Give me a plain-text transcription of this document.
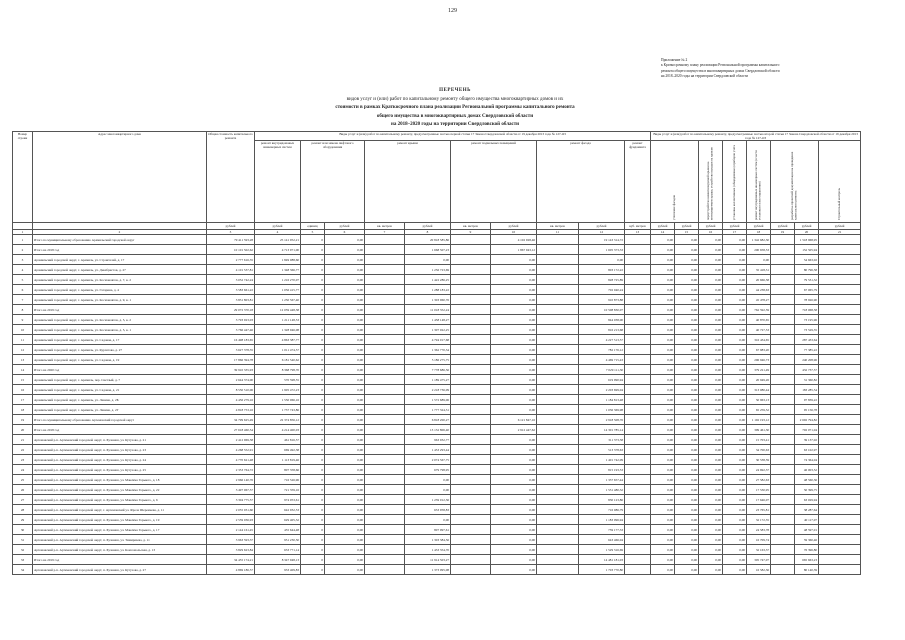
129
Приложение № 2
к Краткосрочному плану реализации Региональной программы капитального
ремонта общего имущества в многоквартирных домах Свердловской области
на 2018–2020 годы на территории Свердловской области
ПЕРЕЧЕНЬ
видов услуг и (или) работ по капитальному ремонту общего имущества многоквартирных домов и их
стоимости в рамках Краткосрочного плана реализации Региональной программы капитального ремонта
общего имущества в многоквартирных домах Свердловской области
на 2018–2020 годы на территории Свердловской области
Номер строки	Адрес многоквартирного дома	Общая стоимость капитального ремонта	Виды услуг и (или) работ по капитальному ремонту, предусмотренные частью первой статьи 17 Закона Свердловской области от 19 декабря 2013 года № 127-ОЗ										Виды услуг и (или) работ по капитальному ремонту, предусмотренные частью второй статьи 17 Закона Свердловской области от 19 декабря 2013 года № 127-ОЗ							
			ремонт внутридомовых инженерных систем	ремонт или замена лифтового оборудования		ремонт крыши		ремонт подвальных помещений		ремонт фасада		ремонт фундамента	утепление фасадов		переустройство невентилируемой крыши на вентилируемую крышу, устройство выходов на кровлю	установка коллективных (общедомовых) приборов учета	ремонт внутридомовых инженерных систем (в части установки узлов управления)	разработка проектной документации на проведение капитального ремонта		Строительный контроль
		рублей	рублей	единиц	рублей	кв. метров	рублей	кв. метров	рублей	кв. метров	рублей	куб. метров	рублей	рублей	рублей	рублей	рублей	рублей	рублей	рублей
1	2	3	4	5	6	7	8	9	10	11	12	13	14	15	16	17	18	19	20	21
1	Итого по муниципальному образованию Арамильский городской округ	79 411 593,28	25 141 952,21	0	0,00		20 818 585,86		4 102 928,46		19 143 314,72		0,00	0,00	0,00	0,00	1 342 682,30		1 518 968,95	
2	Итого на 2018 год	10 101 502,62	4 713 971,00	0	0,00		1 668 507,23		1 867 943,12		1 605 373,33		0,00	0,00	0,00	0,00	200 658,53		152 505,94	
3	Арамильский городской округ, г. Арамиль, ул. Строителей, д. 17	2 777 616,35	1 849 088,60	0	0,00		0,00		0,00		0,00		0,00	0,00	0,00	0,00	0,00		54 663,02	
4	Арамильский городской округ, г. Арамиль, ул. Декабристов, д. 27	4 101 537,81	1 348 366,77	0	0,00		1 256 723,69		0,00		803 172,22		0,00	0,00	0,00	0,00	35 418,31		80 796,58	
5	Арамильский городской округ, г. Арамиль, ул. Космонавтов, д. 7, к. 2	3 052 742,24	1 216 270,07	0	0,00		1 422 286,25		0,00		828 725,89		0,00	0,00	0,00	0,00	20 666,58		79 531,32	
6	Арамильский городской округ, г. Арамиль, ул. Гагарина, д. 4	3 583 661,22	1 056 415,77	0	0,00		1 288 183,22		0,00		702 040,24		0,00	0,00	0,00	0,00	44 238,63		67 065,79	
7	Арамильский городской округ, г. Арамиль, ул. Космонавтов, д. 9, к. 1	3 831 803,81	1 250 567,40	0	0,00		1 303 960,76		0,00		910 873,88		0,00	0,00	0,00	0,00	45 478,27		78 926,90	
8	Итого на 2019 год	29 072 370,18	12 059 448,38	0	0,00		11 018 352,24		0,00		10 508 830,07		0,00	0,00	0,00	0,00	762 592,59		718 068,58	
9	Арамильский городской округ, г. Арамиль, ул. Космонавтов, д. 5, к. 2	3 793 923,03	1 211 148,53	0	0,00		1 458 148,27		0,00		844 038,00		0,00	0,00	0,00	0,00	40 870,65		73 195,96	
10	Арамильский городской округ, г. Арамиль, ул. Космонавтов, д. 5, к. 1	3 766 447,46	1 328 946,08	0	0,00		1 307 022,25		0,00		816 213,68		0,00	0,00	0,00	0,00	40 727,53		73 529,35	
11	Арамильский городской округ, г. Арамиль, ул. Садовая, д. 17	16 498 183,65	4 863 387,77	0	0,00		4 794 017,68		0,00		4 227 513,57		0,00	0,00	0,00	0,00	316 434,65		287 433,64	
12	Арамильский городской округ, г. Арамиль, ул. Курчатова, д. 27	3 627 378,35	1 011 474,57	0	0,00		1 362 770,34		0,00		782 176,12		0,00	0,00	0,00	0,00	67 983,20		77 385,22	
13	Арамильский городской округ, г. Арамиль, ул. Садовая, д. 19	17 866 394,78	6 181 540,62	0	0,00		5 186 275,75		0,00		4 469 715,43		0,00	0,00	0,00	0,00	296 946,73		240 208,96	
14	Итого на 2020 год	39 910 335,93	8 368 798,70	0	0,00		7 778 686,56		0,00		7 029 111,30		0,00	0,00	0,00	0,00	379 221,49		432 737,57	
15	Арамильский городской округ, г. Арамиль, пер. Светлый, д. 7	2 644 374,00	570 598,55	0	0,00		1 189 475,27		0,00		619 990,94		0,00	0,00	0,00	0,00	20 949,26		31 360,82	
16	Арамильский городской округ, г. Арамиль, ул. Садовая, д. 21	8 550 510,06	1 905 472,23	0	0,00		2 218 736,09		0,00		2 203 699,04		0,00	0,00	0,00	0,00	313 080,44		183 285,54	
17	Арамильский городской округ, г. Арамиль, ул. Ленина, д. 2Б	4 456 279,16	1 550 066,16	0	0,00		1 572 689,06		0,00		1 184 813,48		0,00	0,00	0,00	0,00	50 963,13		97 839,22	
18	Арамильский городской округ, г. Арамиль, ул. Ленина, д. 2Г	4 818 753,16	1 737 743,86	0	0,00		1 777 324,31		0,00		1 036 369,98		0,00	0,00	0,00	0,00	65 259,52		95 156,78	
19	Итого по муниципальному образованию Артемовский городской округ	34 799 625,49	22 374 856,12	0	0,00		6 818 200,27		6 121 847,16		2 918 508,76		0,00	0,00	0,00	0,00	1 192 193,12		2 692 794,82	
20	Итого на 2018 год	27 618 460,54	4 214 400,03	0	0,00		13 132 806,40		2 912 447,62		14 301 785,14		0,00	0,00	0,00	0,00	399 461,30		702 071,04	
21	Артемовский р.п. Артемовский городской округ, п. Буланаш, ул. Кутузова, д. 21	2 412 969,58	461 816,57	0	0,00		963 932,77		0,00		311 373,58		0,00	0,00	0,00	0,00	15 703,41		39 137,02	
22	Артемовский р.п. Артемовский городской округ, п. Буланаш, ул. Кутузова, д. 23	4 268 552,91	669 492,38	0	0,00		1 453 293,44		0,00		513 378,63		0,00	0,00	0,00	0,00	34 700,63		63 102,97	
23	Артемовский р.п. Артемовский городской округ, п. Буланаш, ул. Кутузова, д. 24	4 770 621,48	1 113 819,46	0	0,00		2 074 567,75		0,00		1 401 742,09		0,00	0,00	0,00	0,00	30 538,59		74 364,04	
24	Артемовский р.п. Артемовский городской округ, п. Буланаш, ул. Кутузова, д. 25	2 353 764,72	807 358,66	0	0,00		679 798,95		0,00		815 193,53		0,00	0,00	0,00	0,00	24 692,37		46 003,52	
25	Артемовский р.п. Артемовский городской округ, п. Буланаш, ул. Максима Горького, д. 18	2 966 140,76	716 526,96	0	0,00		0,00		0,00		1 337 657,44		0,00	0,00	0,00	0,00	27 582,63		48 560,36	
26	Артемовский р.п. Артемовский городской округ, п. Буланаш, ул. Максима Горького, д. 22	3 497 067,57	721 359,16	0	0,00		0,00		0,00		1 531 480,32		0,00	0,00	0,00	0,00	17 530,95		50 399,75	
27	Артемовский р.п. Артемовский городской округ, п. Буланаш, ул. Максима Горького, д. 6	3 304 775,57	974 053,61	0	0,00		1 239 012,36		0,00		830 123,86		0,00	0,00	0,00	0,00	17 646,07		63 029,94	
28	Артемовский р.п. Артемовский городской округ, г. Артемовский ул. Фрола Шеремеева, д. 11	2 055 031,60	642 932,53	0	0,00		633 958,83		0,00		716 086,79		0,00	0,00	0,00	0,00	23 765,81		38 287,64	
29	Артемовский р.п. Артемовский городской округ, п. Буланаш, ул. Максима Горького, д. 19	2 559 036,93	629 405,32	0	0,00		0,00		0,00		1 183 096,94		0,00	0,00	0,00	0,00	32 172,35		40 117,07	
30	Артемовский р.п. Артемовский городской округ, п. Буланаш, ул. Максима Горького, д. 17	2 144 161,45	455 644,48	0	0,00		807 997,61		0,00		759 177,33		0,00	0,00	0,00	0,00	24 583,78		48 597,01	
31	Артемовский р.п. Артемовский городской округ, п. Буланаш, ул. Тимирязева, д. 11	3 963 593,37	951 230,50	0	0,00		1 303 384,56		0,00		643 466,04		0,00	0,00	0,00	0,00	16 709,74		59 360,46	
32	Артемовский р.п. Артемовский городской округ, п. Буланаш, ул. Комсомольская, д. 13	3 829 623,84	633 771,14	0	0,00		1 433 354,70		0,00		1 529 316,69		0,00	0,00	0,00	0,00	32 163,37		76 396,80	
33	Итого на 2019 год	34 455 174,21	8 347 948,13	0	0,00		11 914 503,27		0,00		14 481 181,03		0,00	0,00	0,00	0,00	305 747,07		665 663,23	
34	Артемовский р.п. Артемовский городской округ, п. Буланаш, ул. Кутузова, д. 27	4 869 186,57	933 409,83	0	0,00		1 373 095,08		0,00		1 703 770,80		0,00	0,00	0,00	0,00	16 582,36		80 140,39	
